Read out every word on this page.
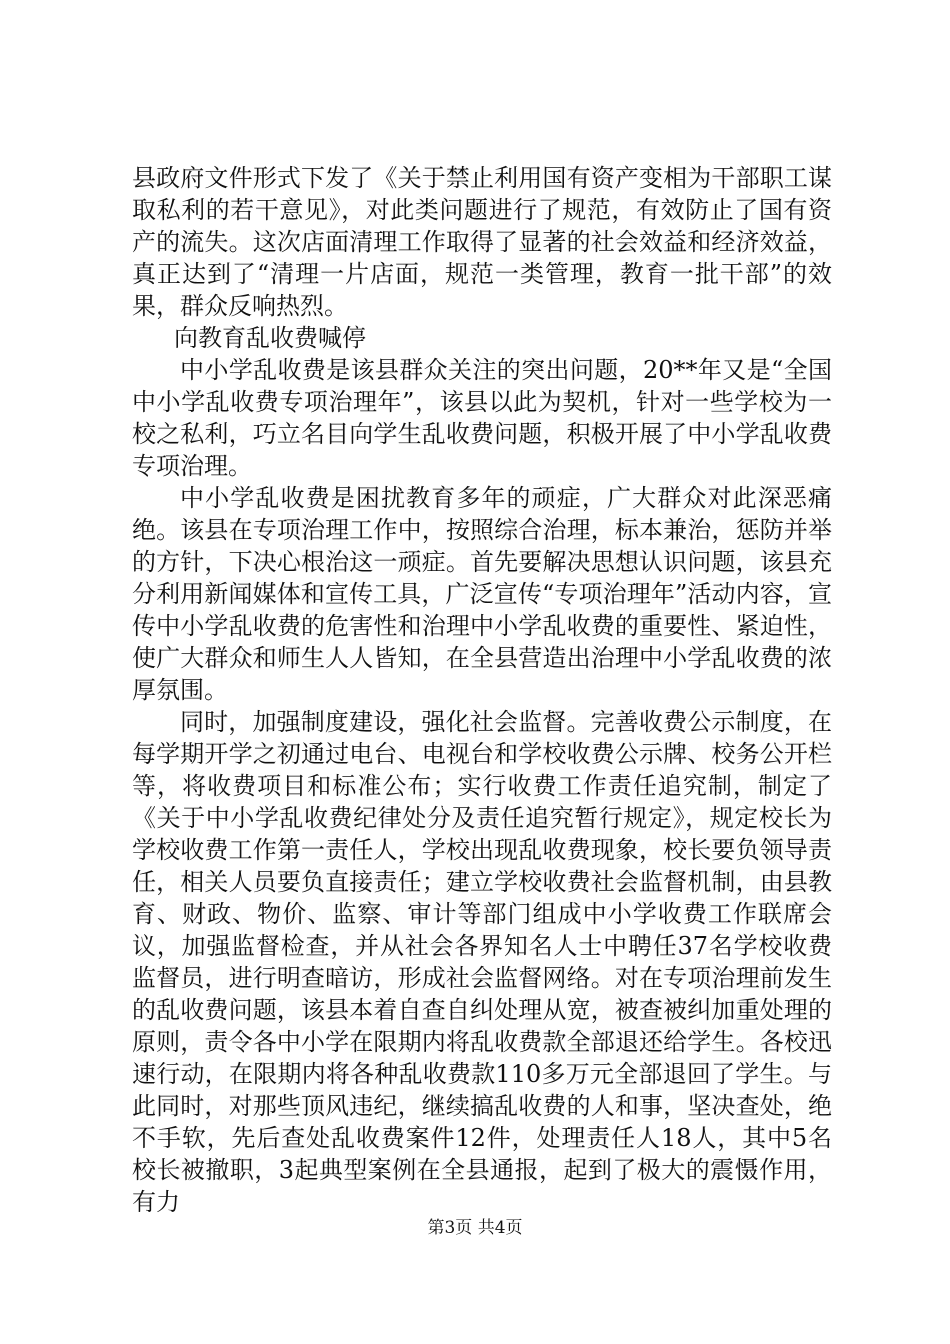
县政府文件形式下发了《关于禁止利用国有资产变相为干部职工谋取私利的若干意见》，对此类问题进行了规范，有效防止了国有资产的流失。这次店面清理工作取得了显著的社会效益和经济效益，真正达到了“清理一片店面，规范一类管理，教育一批干部”的效果，群众反响热烈。

向教育乱收费喊停

中小学乱收费是该县群众关注的突出问题，20**年又是“全国中小学乱收费专项治理年”，该县以此为契机，针对一些学校为一校之私利，巧立名目向学生乱收费问题，积极开展了中小学乱收费专项治理。

中小学乱收费是困扰教育多年的顽症，广大群众对此深恶痛绝。该县在专项治理工作中，按照综合治理，标本兼治，惩防并举的方针，下决心根治这一顽症。首先要解决思想认识问题，该县充分利用新闻媒体和宣传工具，广泛宣传“专项治理年”活动内容，宣传中小学乱收费的危害性和治理中小学乱收费的重要性、紧迫性，使广大群众和师生人人皆知，在全县营造出治理中小学乱收费的浓厚氛围。

同时，加强制度建设，强化社会监督。完善收费公示制度，在每学期开学之初通过电台、电视台和学校收费公示牌、校务公开栏等，将收费项目和标准公布；实行收费工作责任追究制，制定了《关于中小学乱收费纪律处分及责任追究暂行规定》，规定校长为学校收费工作第一责任人，学校出现乱收费现象，校长要负领导责任，相关人员要负直接责任；建立学校收费社会监督机制，由县教育、财政、物价、监察、审计等部门组成中小学收费工作联席会议，加强监督检查，并从社会各界知名人士中聘任37名学校收费监督员，进行明查暗访，形成社会监督网络。对在专项治理前发生的乱收费问题，该县本着自查自纠处理从宽，被查被纠加重处理的原则，责令各中小学在限期内将乱收费款全部退还给学生。各校迅速行动，在限期内将各种乱收费款110多万元全部退回了学生。与此同时，对那些顶风违纪，继续搞乱收费的人和事，坚决查处，绝不手软，先后查处乱收费案件12件，处理责任人18人，其中5名校长被撤职，3起典型案例在全县通报，起到了极大的震慑作用，有力

第3页 共4页
